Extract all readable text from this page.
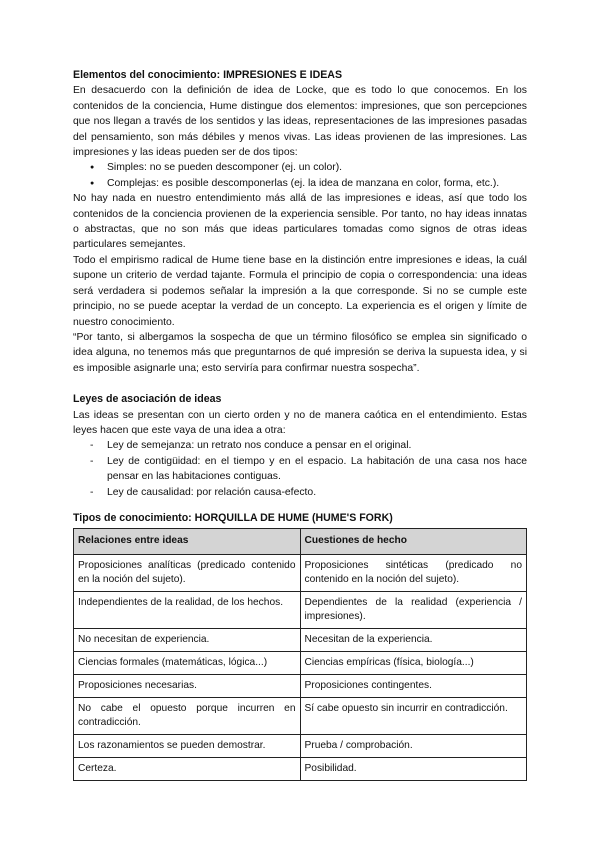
Elementos del conocimiento: IMPRESIONES E IDEAS

En desacuerdo con la definición de idea de Locke, que es todo lo que conocemos. En los contenidos de la conciencia, Hume distingue dos elementos: impresiones, que son percepciones que nos llegan a través de los sentidos y las ideas, representaciones de las impresiones pasadas del pensamiento, son más débiles y menos vivas. Las ideas provienen de las impresiones. Las impresiones y las ideas pueden ser de dos tipos:

● Simples: no se pueden descomponer (ej. un color).
● Complejas: es posible descomponerlas (ej. la idea de manzana en color, forma, etc.).

No hay nada en nuestro entendimiento más allá de las impresiones e ideas, así que todo los contenidos de la conciencia provienen de la experiencia sensible. Por tanto, no hay ideas innatas o abstractas, que no son más que ideas particulares tomadas como signos de otras ideas particulares semejantes.

Todo el empirismo radical de Hume tiene base en la distinción entre impresiones e ideas, la cuál supone un criterio de verdad tajante. Formula el principio de copia o correspondencia: una ideas será verdadera si podemos señalar la impresión a la que corresponde. Si no se cumple este principio, no se puede aceptar la verdad de un concepto. La experiencia es el origen y límite de nuestro conocimiento.

“Por tanto, si albergamos la sospecha de que un término filosófico se emplea sin significado o idea alguna, no tenemos más que preguntarnos de qué impresión se deriva la supuesta idea, y si es imposible asignarle una; esto serviría para confirmar nuestra sospecha”.

Leyes de asociación de ideas

Las ideas se presentan con un cierto orden y no de manera caótica en el entendimiento. Estas leyes hacen que este vaya de una idea a otra:

- Ley de semejanza: un retrato nos conduce a pensar en el original.
- Ley de contigüidad: en el tiempo y en el espacio. La habitación de una casa nos hace pensar en las habitaciones contiguas.
- Ley de causalidad: por relación causa-efecto.
Tipos de conocimiento: HORQUILLA DE HUME (HUME'S FORK)
Relaciones entre ideas	Cuestiones de hecho
Proposiciones analíticas (predicado contenido en la noción del sujeto).	Proposiciones sintéticas (predicado no contenido en la noción del sujeto).
Independientes de la realidad, de los hechos.	Dependientes de la realidad (experiencia / impresiones).
No necesitan de experiencia.	Necesitan de la experiencia.
Ciencias formales (matemáticas, lógica...)	Ciencias empíricas (física, biología...)
Proposiciones necesarias.	Proposiciones contingentes.
No cabe el opuesto porque incurren en contradicción.	Sí cabe opuesto sin incurrir en contradicción.
Los razonamientos se pueden demostrar.	Prueba / comprobación.
Certeza.	Posibilidad.
